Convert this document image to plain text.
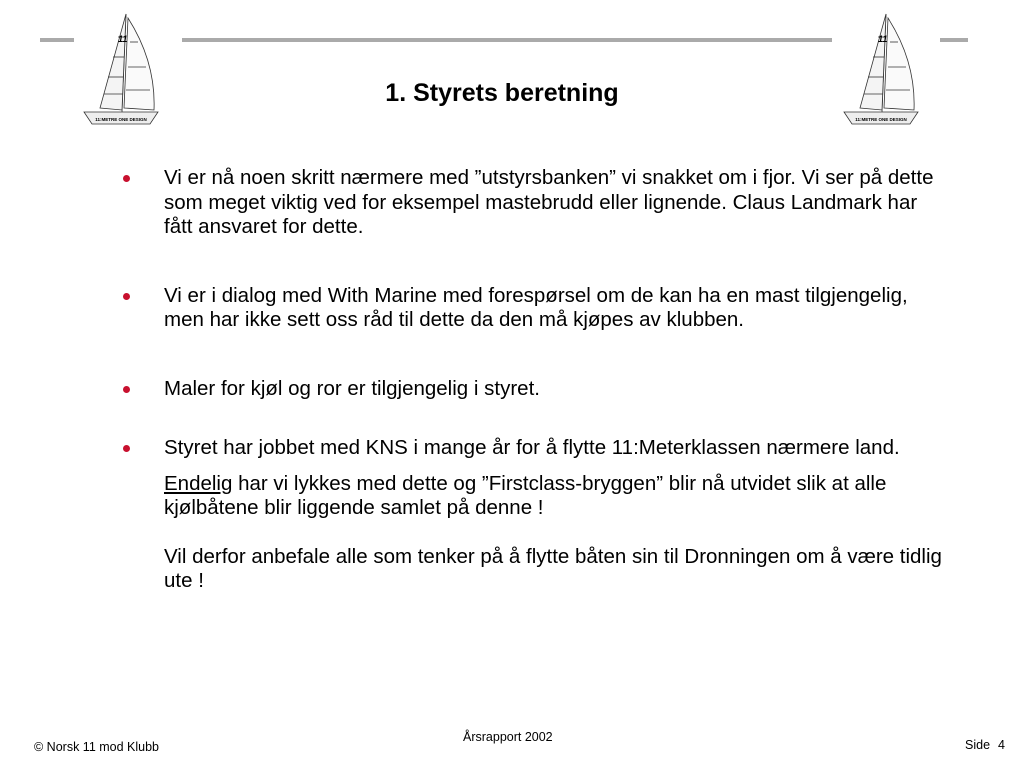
11
11:METRE ONE DESIGN
11
11:METRE ONE DESIGN
1. Styrets beretning

Vi er nå noen skritt nærmere med ”utstyrsbanken” vi snakket om i fjor. Vi ser på dette som meget viktig ved for eksempel mastebrudd eller lignende. Claus Landmark har fått ansvaret for dette.

Vi er i dialog med With Marine med forespørsel om de kan ha en mast tilgjengelig, men har ikke sett oss råd til dette da den må kjøpes av klubben.

Maler for kjøl og ror er tilgjengelig i styret.

Styret har jobbet med KNS i mange år for å flytte 11:Meterklassen nærmere land.

Endelig har vi lykkes med dette og ”Firstclass-bryggen” blir nå utvidet slik at alle kjølbåtene blir liggende samlet på denne !

Vil derfor anbefale alle som tenker på å flytte båten sin til Dronningen om å være tidlig ute !

© Norsk 11 mod Klubb
Årsrapport 2002
Side 4
